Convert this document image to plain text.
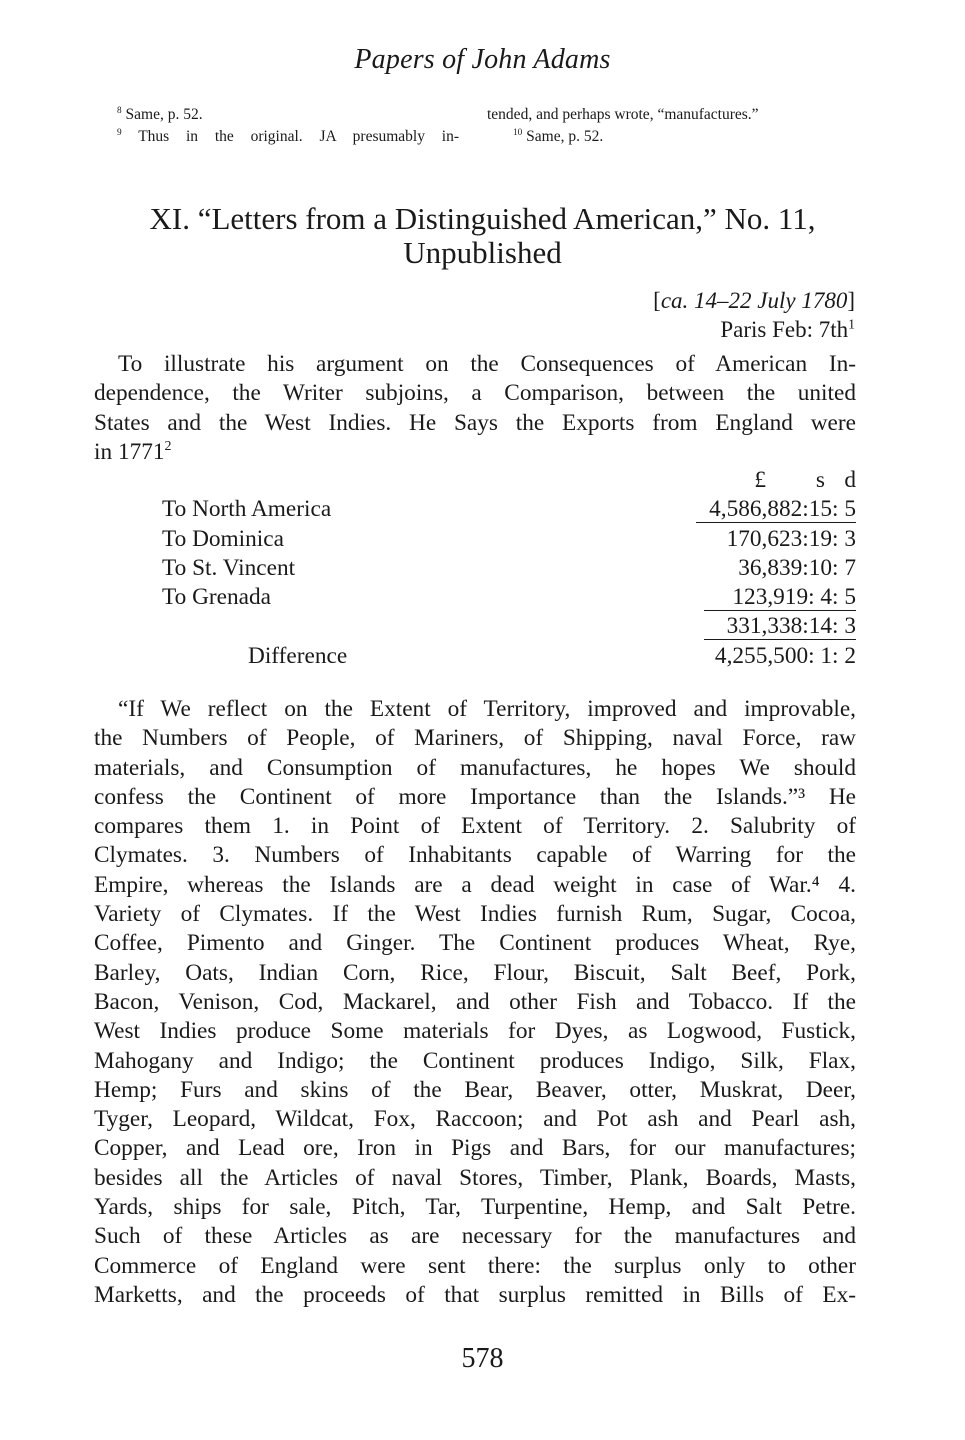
Papers of John Adams
$^8$ Same, p. 52.
$^9$ Thus in the original. JA presumably in-
tended, and perhaps wrote, “manufactures.”
$^{10}$ Same, p. 52.
XI. “Letters from a Distinguished American,” No. 11,
Unpublished
[ca. 14–22 July 1780]
Paris Feb: $7th^1$
To illustrate his argument on the Consequences of American In-
dependence, the Writer subjoins, a Comparison, between the united
States and the West Indies. He Says the Exports from England were
in 1771$^2$
£ s d
To North America	4,586,882:15: 5
To Dominica	170,623:19: 3
To St. Vincent	36,839:10: 7
To Grenada	123,919: 4: 5
331,338:14: 3
Difference	4,255,500: 1: 2
“If We reflect on the Extent of Territory, improved and improvable,
the Numbers of People, of Mariners, of Shipping, naval Force, raw
materials, and Consumption of manufactures, he hopes We should
confess the Continent of more Importance than the Islands.”³ He
compares them 1. in Point of Extent of Territory. 2. Salubrity of
Clymates. 3. Numbers of Inhabitants capable of Warring for the
Empire, whereas the Islands are a dead weight in case of War.⁴ 4.
Variety of Clymates. If the West Indies furnish Rum, Sugar, Cocoa,
Coffee, Pimento and Ginger. The Continent produces Wheat, Rye,
Barley, Oats, Indian Corn, Rice, Flour, Biscuit, Salt Beef, Pork,
Bacon, Venison, Cod, Mackarel, and other Fish and Tobacco. If the
West Indies produce Some materials for Dyes, as Logwood, Fustick,
Mahogany and Indigo; the Continent produces Indigo, Silk, Flax,
Hemp; Furs and skins of the Bear, Beaver, otter, Muskrat, Deer,
Tyger, Leopard, Wildcat, Fox, Raccoon; and Pot ash and Pearl ash,
Copper, and Lead ore, Iron in Pigs and Bars, for our manufactures;
besides all the Articles of naval Stores, Timber, Plank, Boards, Masts,
Yards, ships for sale, Pitch, Tar, Turpentine, Hemp, and Salt Petre.
Such of these Articles as are necessary for the manufactures and
Commerce of England were sent there: the surplus only to other
Marketts, and the proceeds of that surplus remitted in Bills of Ex-
578
